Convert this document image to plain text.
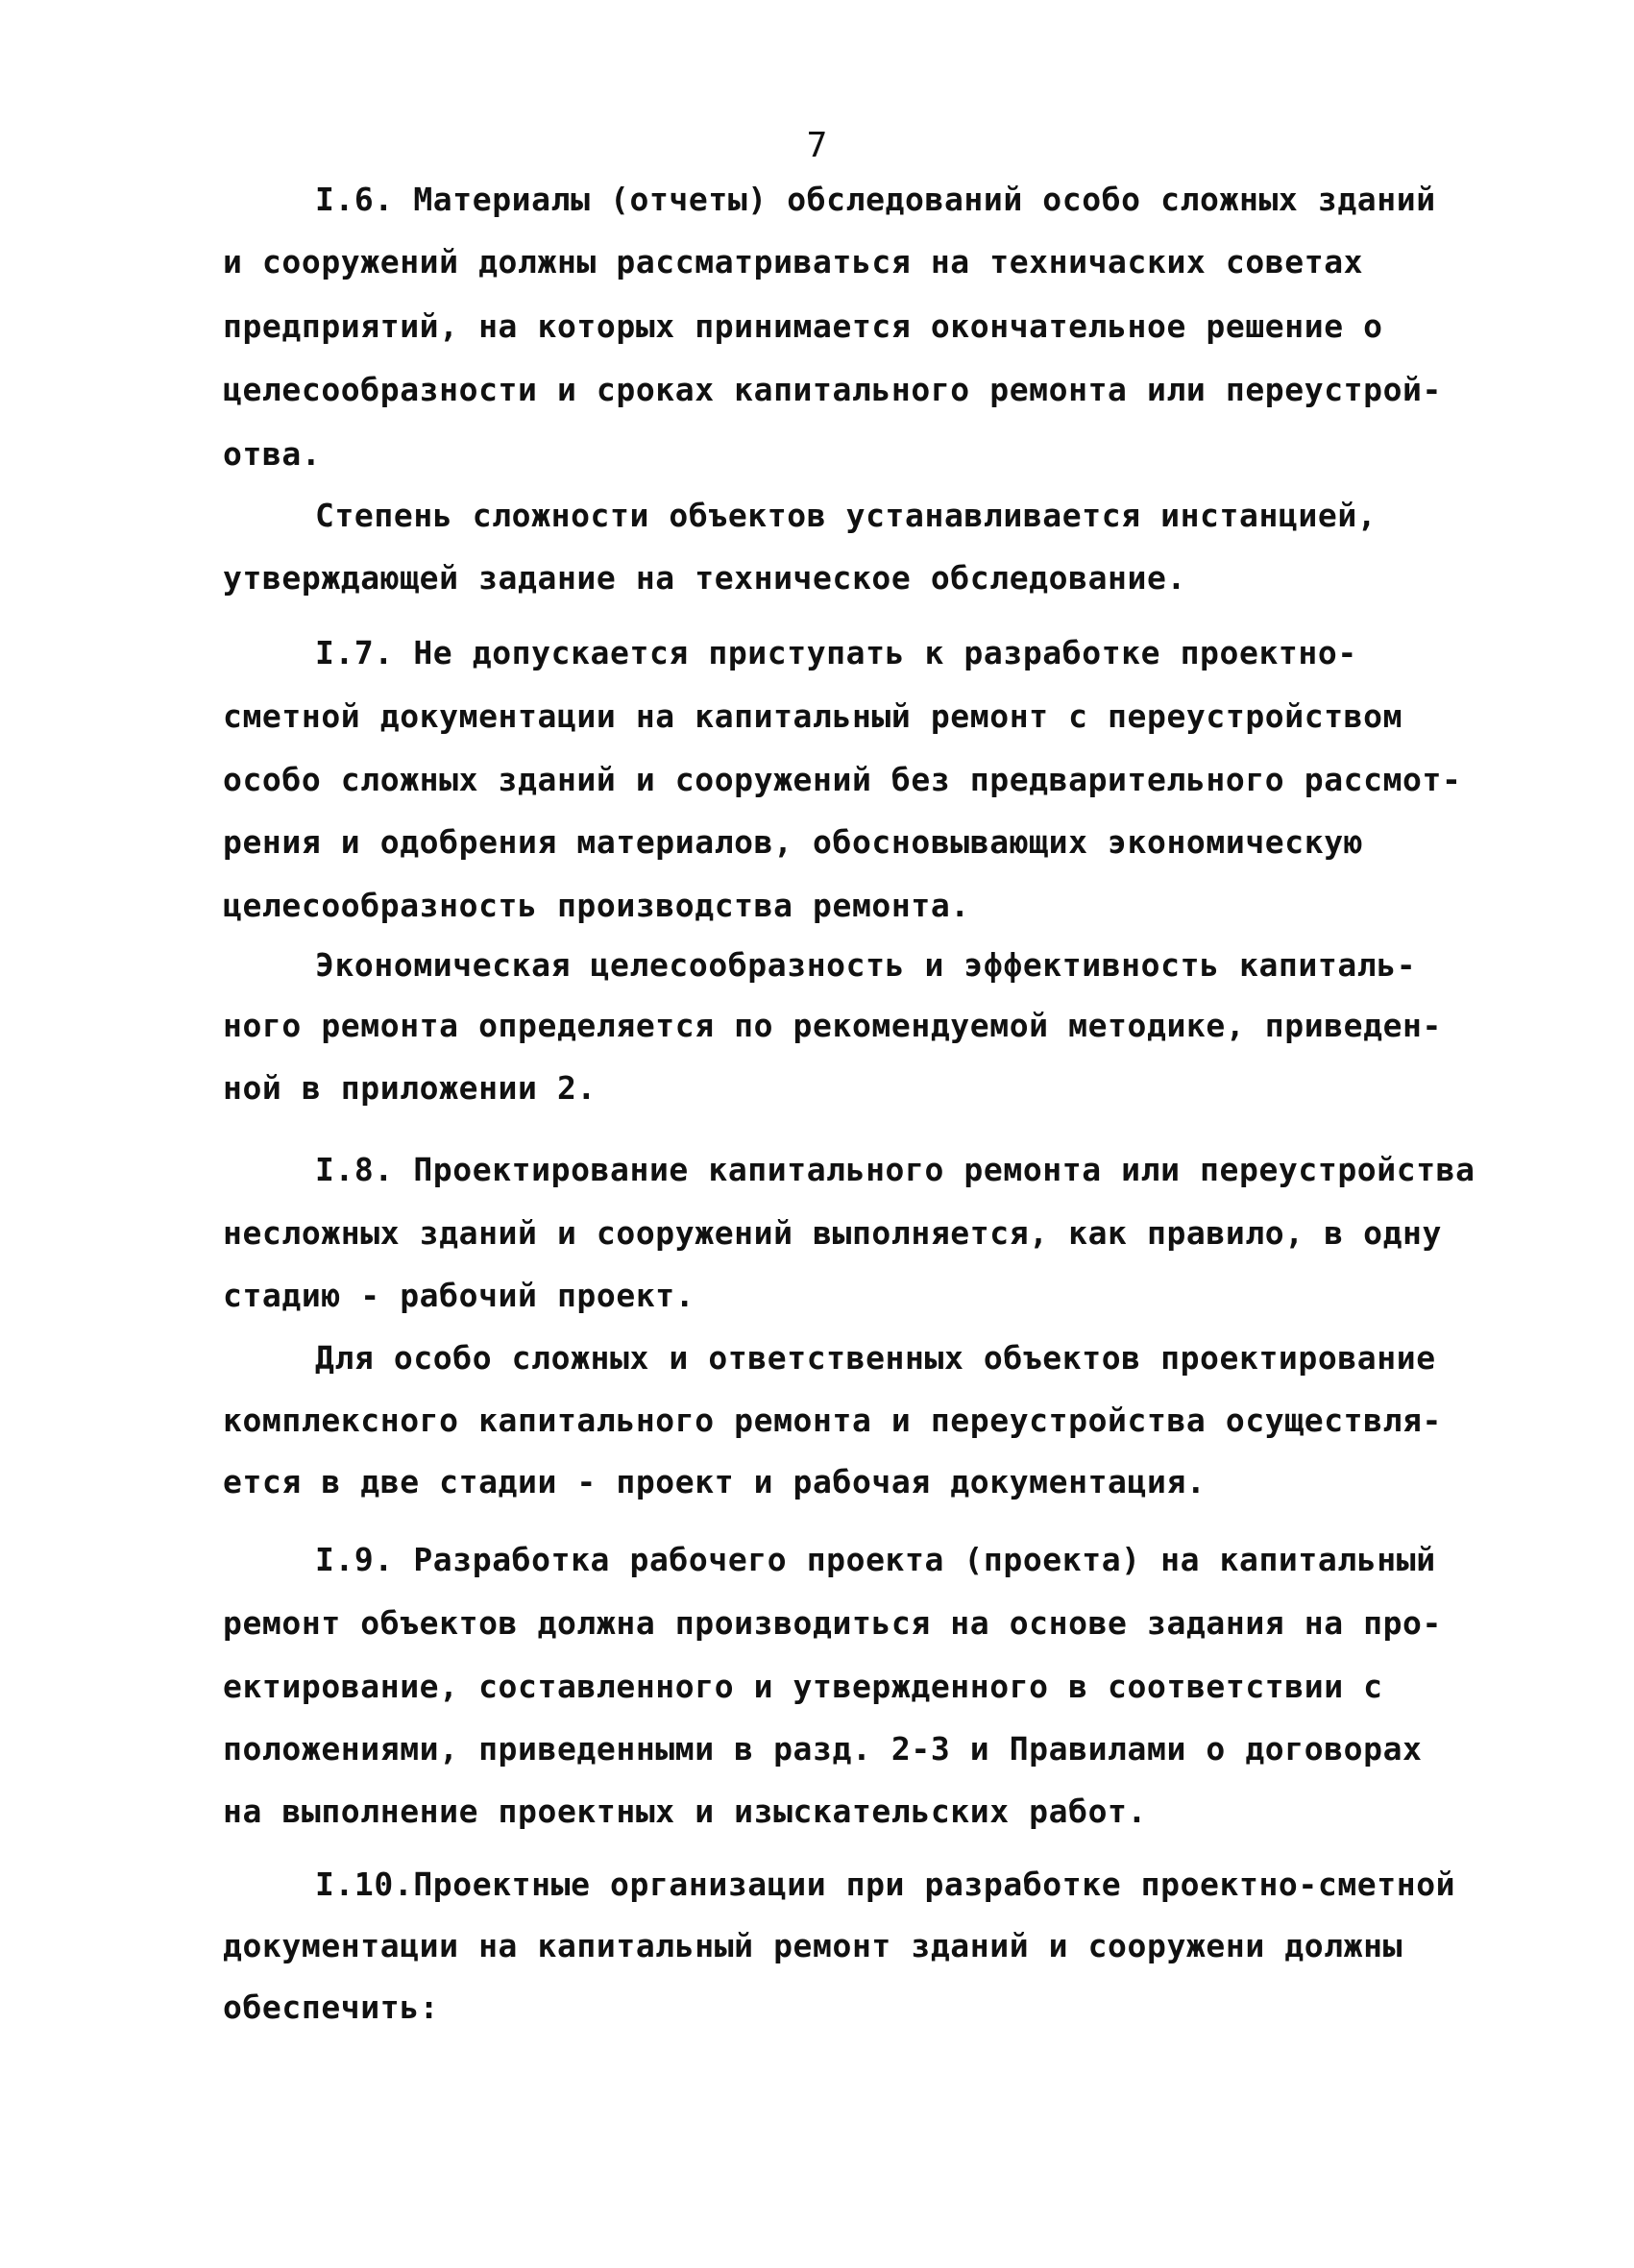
7
I.6. Материалы (отчеты) обследований особо сложных зданий
и сооружений должны рассматриваться на техничаских советах
предприятий, на которых принимается окончательное решение о
целесообразности и сроках капитального ремонта или переустрой-
отва.
Степень сложности объектов устанавливается инстанцией,
утверждающей задание на техническое обследование.
I.7. Не допускается приступать к разработке проектно-
сметной документации на капитальный ремонт с переустройством
особо сложных зданий и сооружений без предварительного рассмот-
рения и одобрения материалов, обосновывающих экономическую
целесообразность производства ремонта.
Экономическая целесообразность и эффективность капиталь-
ного ремонта определяется по рекомендуемой методике, приведен-
ной в приложении 2.
I.8. Проектирование капитального ремонта или переустройства
несложных зданий и сооружений выполняется, как правило, в одну
стадию - рабочий проект.
Для особо сложных и ответственных объектов проектирование
комплексного капитального ремонта и переустройства осуществля-
ется в две стадии - проект и рабочая документация.
I.9. Разработка рабочего проекта (проекта) на капитальный
ремонт объектов должна производиться на основе задания на про-
ектирование, составленного и утвержденного в соответствии с
положениями, приведенными в разд. 2-3 и Правилами о договорах
на выполнение проектных и изыскательских работ.
I.10.Проектные организации при разработке проектно-сметной
документации на капитальный ремонт зданий и сооружени должны
обеспечить:
